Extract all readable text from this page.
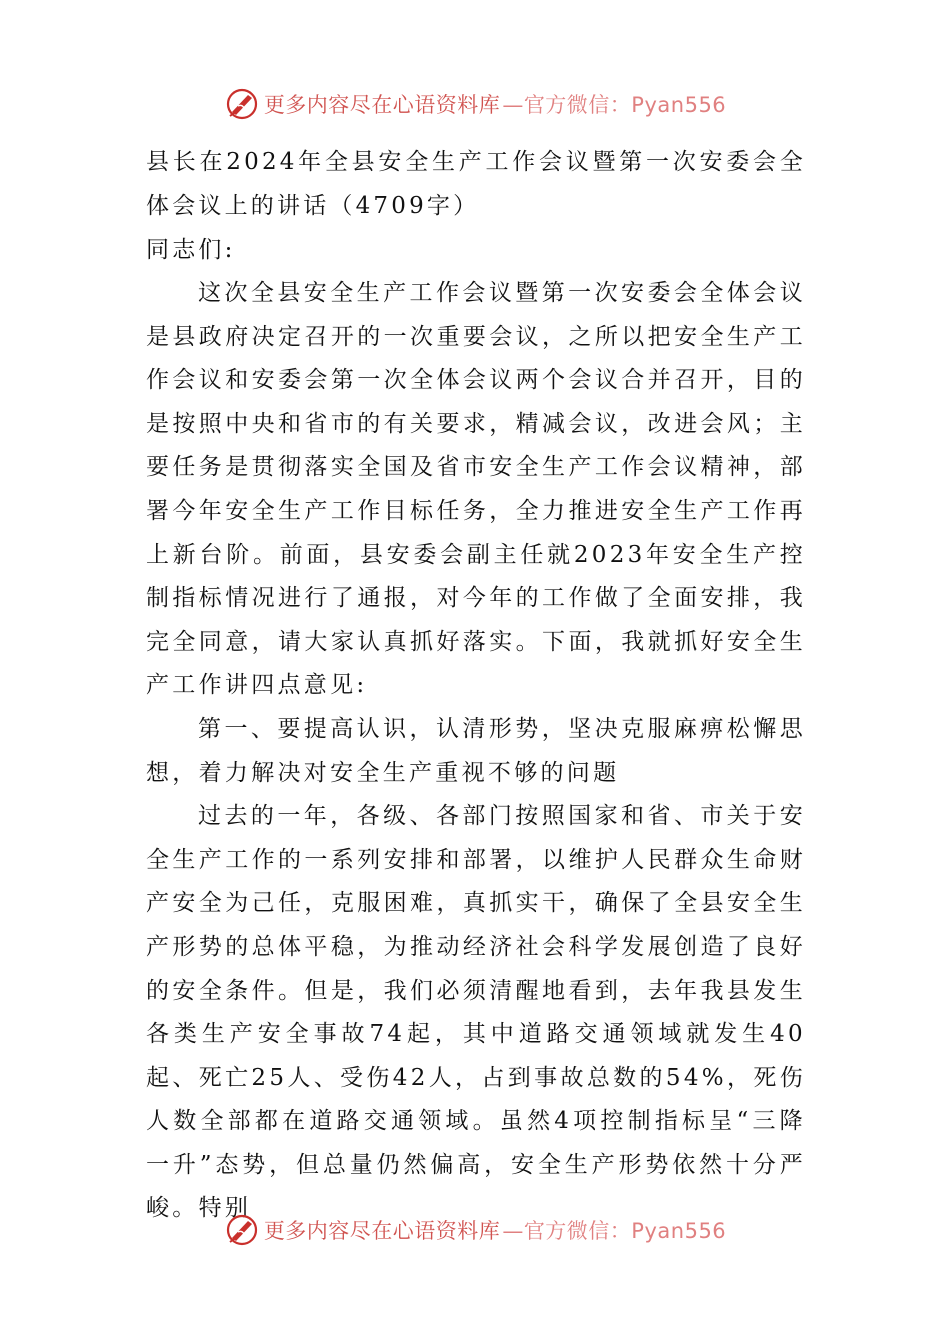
更多内容尽在心语资料库—官方微信：Pyan556

县长在2024年全县安全生产工作会议暨第一次安委会全体会议上的讲话（4709字）

同志们:

这次全县安全生产工作会议暨第一次安委会全体会议是县政府决定召开的一次重要会议，之所以把安全生产工作会议和安委会第一次全体会议两个会议合并召开，目的是按照中央和省市的有关要求，精减会议，改进会风；主要任务是贯彻落实全国及省市安全生产工作会议精神，部署今年安全生产工作目标任务，全力推进安全生产工作再上新台阶。前面，县安委会副主任就2023年安全生产控制指标情况进行了通报，对今年的工作做了全面安排，我完全同意，请大家认真抓好落实。下面，我就抓好安全生产工作讲四点意见:

第一、要提高认识，认清形势，坚决克服麻痹松懈思想，着力解决对安全生产重视不够的问题

过去的一年，各级、各部门按照国家和省、市关于安全生产工作的一系列安排和部署，以维护人民群众生命财产安全为己任，克服困难，真抓实干，确保了全县安全生产形势的总体平稳，为推动经济社会科学发展创造了良好的安全条件。但是，我们必须清醒地看到，去年我县发生各类生产安全事故74起，其中道路交通领域就发生40起、死亡25人、受伤42人，占到事故总数的54%，死伤人数全部都在道路交通领域。虽然4项控制指标呈“三降一升”态势，但总量仍然偏高，安全生产形势依然十分严峻。特别

更多内容尽在心语资料库—官方微信：Pyan556
